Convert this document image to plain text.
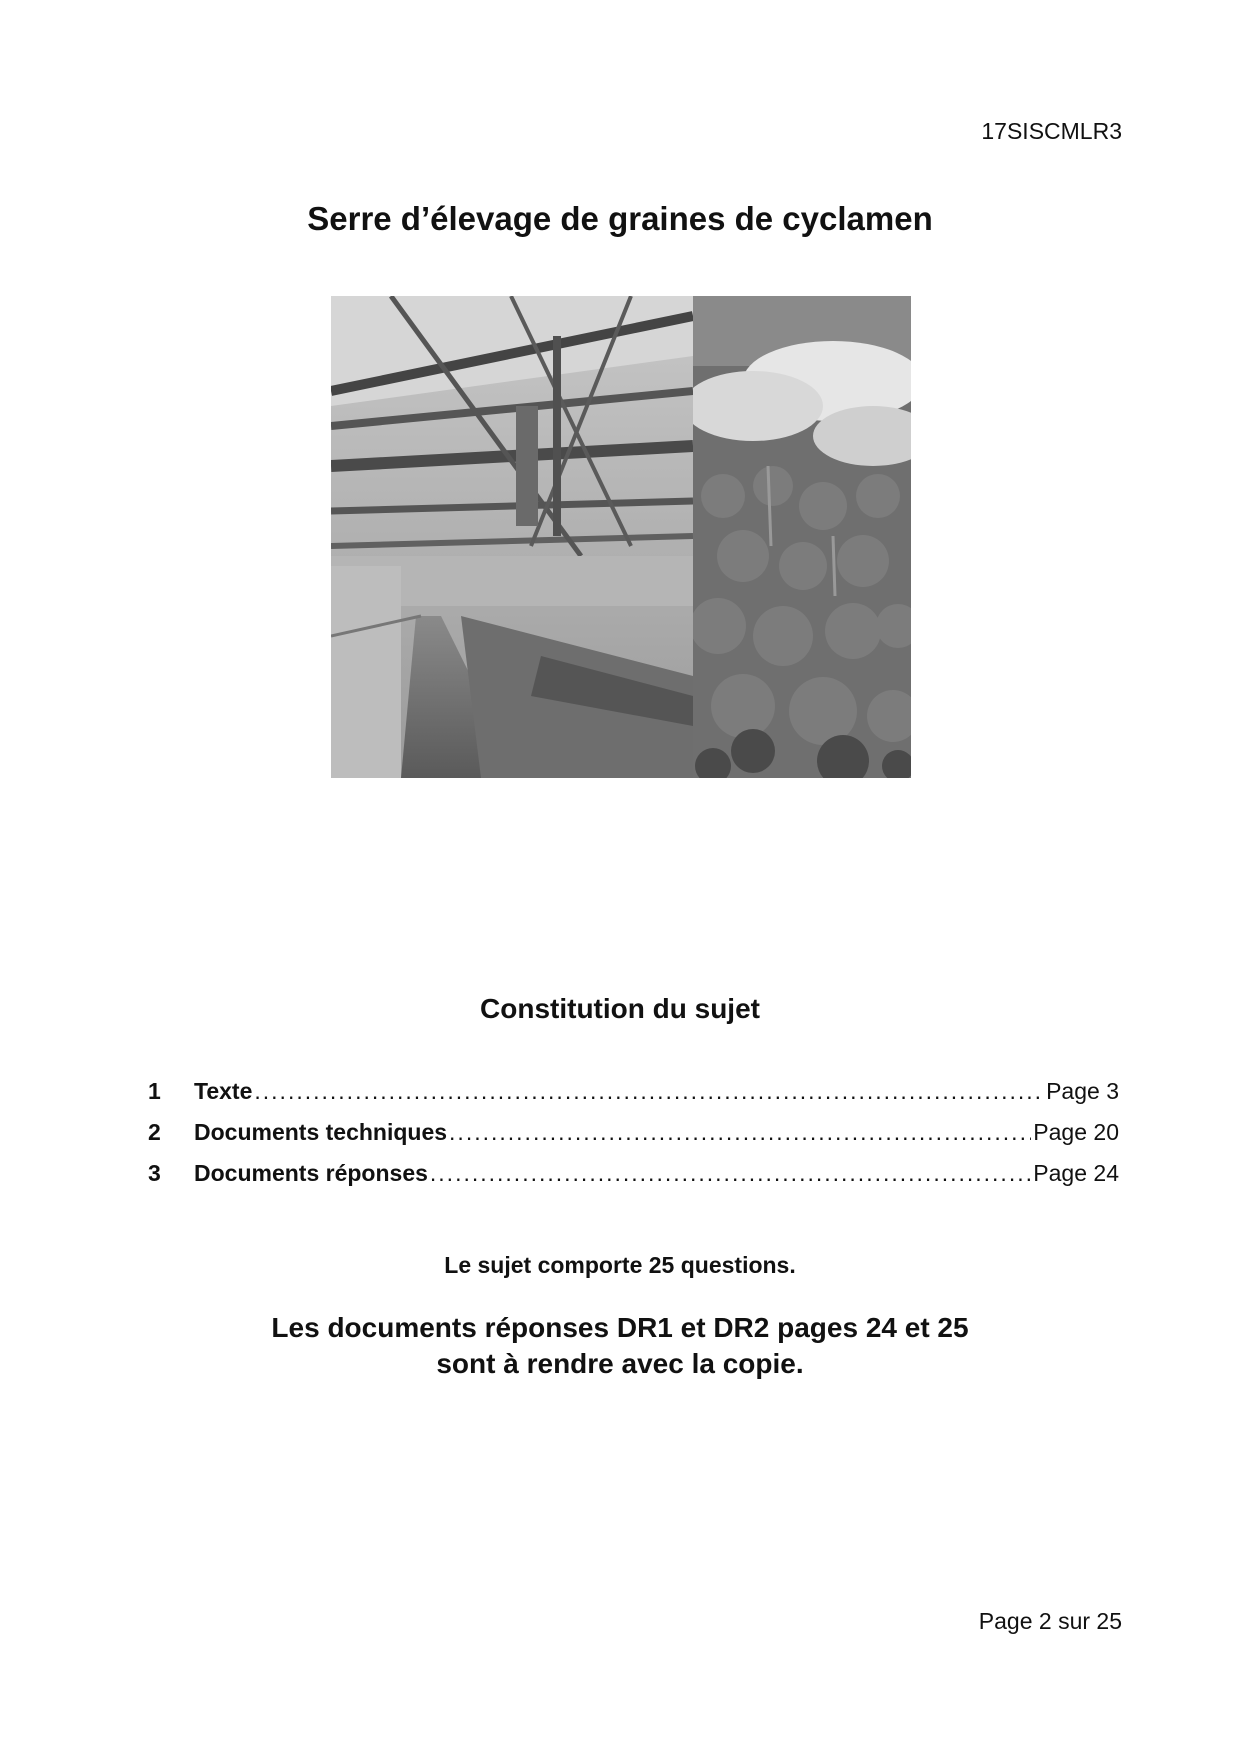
17SISCMLR3
Serre d’élevage de graines de cyclamen
Constitution du sujet
1	Texte .....	Page 3
2	Documents techniques .....	Page 20
3	Documents réponses .....	Page 24

Le sujet comporte 25 questions.

Les documents réponses DR1 et DR2 pages 24 et 25
sont à rendre avec la copie.

Page 2 sur 25
